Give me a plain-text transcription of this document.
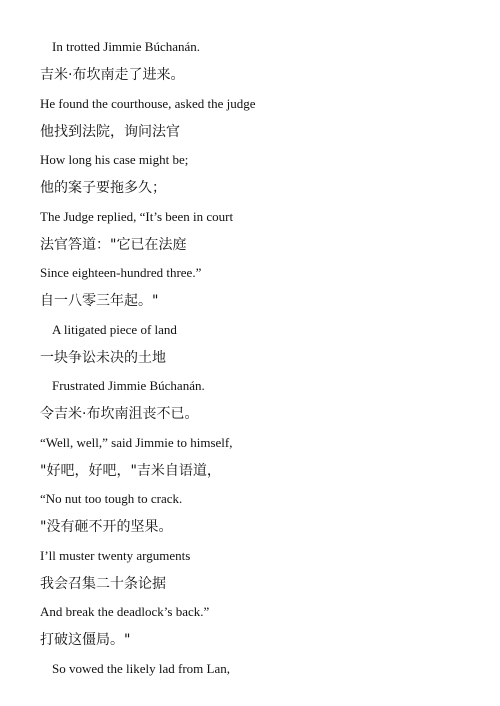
In trotted Jimmie Búchanán.
吉米·布坎南走了进来。
He found the courthouse, asked the judge
他找到法院，询问法官
How long his case might be;
他的案子要拖多久；
The Judge replied, “It’s been in court
法官答道："它已在法庭
Since eighteen-hundred three.”
自一八零三年起。"
A litigated piece of land
一块争讼未决的土地
Frustrated Jimmie Búchanán.
令吉米·布坎南沮丧不已。
“Well, well,” said Jimmie to himself,
"好吧，好吧，"吉米自语道，
“No nut too tough to crack.
"没有砸不开的坚果。
I’ll muster twenty arguments
我会召集二十条论据
And break the deadlock’s back.”
打破这僵局。"
So vowed the likely lad from Lan,
